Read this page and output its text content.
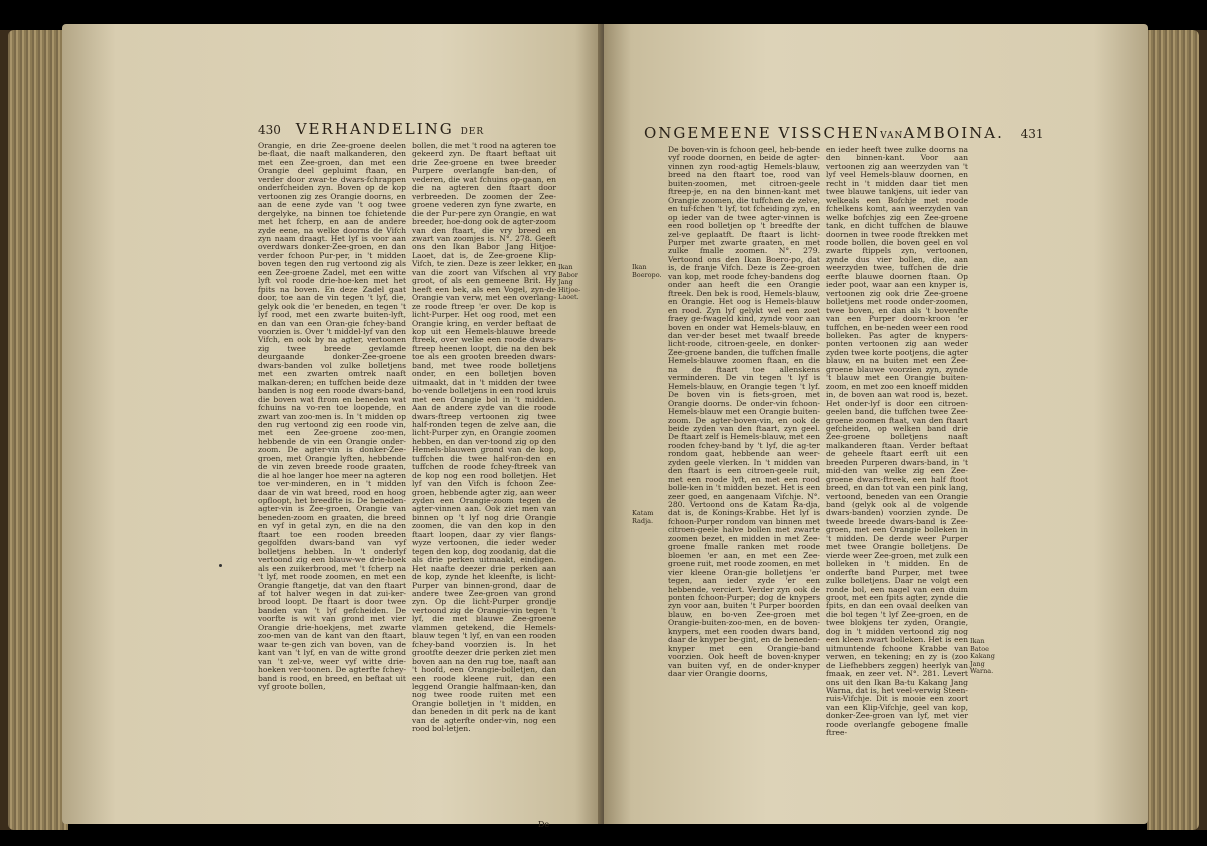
430 VERHANDELING DER

Orangie, en drie Zee-groene deelen be-flaat, die naaft malkanderen, den met een Zee-groen, dan met een Orangie deel gepluimt ftaan, en verder door zwar-te dwars-fchrappen onderfcheiden zyn. Boven op de kop vertoonen zig zes Orangie doorns, en aan de eene zyde van 't oog twee dergelyke, na binnen toe fchietende met het fcherp, en aan de andere zyde eene, na welke doorns de Vifch zyn naam draagt. Het lyf is voor aan overdwars donker-Zee-groen, en dan verder fchoon Pur-per, in 't midden boven tegen den rug vertoond zig als een Zee-groene Zadel, met een witte lyft vol roode drie-hoe-ken met het fpits na boven. En deze Zadel gaat door, toe aan de vin tegen 't lyf, die, gelyk ook die 'er beneden, en tegen 't lyf rood, met een zwarte buiten-lyft, en dan van een Oran-gie fchey-band voorzien is. Over 't middel-lyf van den Vifch, en ook by na agter, vertoonen zig twee breede gevlamde deurgaande donker-Zee-groene dwars-banden vol zulke bolletjens met een zwarten omtrek naaft malkan-deren; en tuffchen beide deze banden is nog een roode dwars-band, die boven wat ftrom en beneden wat fchuins na vo-ren toe loopende, en zwart van zoo-men is. In 't midden op den rug vertoond zig een roode vin, met een Zee-groene zoo-men, hebbende de vin een Orangie onder-zoom. De agter-vin is donker-Zee-groen, met Orangie lyften, hebbende de vin zeven breede roode graaten, die al hoe langer hoe meer na agteren toe ver-minderen, en in 't midden daar de vin wat breed, rood en hoog opfloopt, het breedfte is. De beneden-agter-vin is Zee-groen, Orangie van beneden-zoom en graaten, die breed en vyf in getal zyn, en die na den ftaart toe een rooden breeden gegolfden dwars-band van vyf bolletjens hebben. In 't onderlyf vertoond zig een blauw-we drie-hoek als een zuikerbrood, met 't fcherp na 't lyf, met roode zoomen, en met een Orangie ftangetje, dat van den ftaart af tot halver wegen in dat zui-ker-brood loopt. De ftaart is door twee banden van 't lyf gefcheiden. De voorfte is wit van grond met vier Orangie drie-hoekjens, met zwarte zoo-men van de kant van den ftaart, waar te-gen zich van boven, van de kant van 't lyf, en van de witte grond van 't zel-ve, weer vyf witte drie-hoeken ver-toonen. De agterfte fchey-band is rood, en breed, en beftaat uit vyf groote bollen,

bollen, die met 't rood na agteren toe gekeerd zyn. De ftaart beftaat uit drie Zee-groene en twee breeder Purpere overlangfe ban-den, of vederen, die wat fchuins op-gaan, en die na agteren den ftaart door verbreeden. De zoomen der Zee-groene vederen zyn fyne zwarte, en die der Pur-pere zyn Orangie, en wat breeder, hoe-dong ook de agter-zoom van den ftaart, die vry breed en zwart van zoomjes is. N°. 278. Geeft ons den Ikan Babor Jang Hitjoe-Laoet, dat is, de Zee-groene Klip-Vifch, te zien. Deze is zeer lekker, en van die zoort van Vifschen al vry groot, of als een gemeene Brit. Hy heeft een bek, als een Vogel, zyn-de Orangie van verw, met een overlang-ze roode ftreep 'er over. De kop is licht-Purper. Het oog rood, met een Orangie kring, en verder beftaat de kop uit een Hemels-blauwe breede ftreek, over welke een roode dwars-ftreep heenen loopt, die na den bek toe als een grooten breeden dwars-band, met twee roode bolletjens onder, en een bolletjen boven uitmaakt, dat in 't midden der twee bo-vende bolletjens in een rood kruis met een Orangie bol in 't midden. Aan de andere zyde van die roode dwars-ftreep vertoonen zig twee half-ronden tegen de zelve aan, die licht-Purper zyn, en Orangie zoomen hebben, en dan ver-toond zig op den Hemels-blauwen grond van de kop, tuffchen die twee half-ron-den en tuffchen de roode fchey-ftreek van de kop nog een rood bolletjen. Het lyf van den Vifch is fchoon Zee-groen, hebbende agter zig, aan weer zyden een Orangie-zoom tegen de agter-vinnen aan. Ook ziet men van binnen op 't lyf nog drie Orangie zoomen, die van den kop in den ftaart loopen, daar zy vier flangs-wyze vertoonen, die ieder weder tegen den kop, dog zoodanig, dat die als drie perken uitmaakt, eindigen. Het naafte deezer drie perken aan de kop, zynde het kleenfte, is licht-Purper van binnen-grond, daar de andere twee Zee-groen van grond zyn. Op die licht-Purper grondje vertoond zig de Orangie-vin tegen 't lyf, die met blauwe Zee-groene vlammen getekend, die Hemels-blauw tegen 't lyf, en van een rooden fchey-band voorzien is. In het grootfte deezer drie perken ziet men boven aan na den rug toe, naaft aan 't hoofd, een Orangie-bolletjen, dan een roode kleene ruit, dan een leggend Orangie halfmaan-ken, dan nog twee roode ruiten met een Orangie bolletjen in 't midden, en dan beneden in dit perk na de kant van de agterfte onder-vin, nog een rood bol-letjen.

Ikan Babor Jang Hitjoe-Laoet.
De
ONGEMEENE VISSCHENVANAMBOINA. 431

De boven-vin is fchoon geel, heb-bende vyf roode doornen, en beide de agter-vinnen zyn rood-agtig Hemels-blauw, breed na den ftaart toe, rood van buiten-zoomen, met citroen-geele ftreep-je, en na den binnen-kant met Orangie zoomen, die tuffchen de zelve, en tuf-fchen 't lyf, tot fcheiding zyn, en op ieder van de twee agter-vinnen is een rood bolletjen op 't breedfte der zel-ve geplaatft. De ftaart is licht-Purper met zwarte graaten, en met zulke fmalle zoomen. N°. 279. Vertoond ons den Ikan Boero-po, dat is, de franje Vifch. Deze is Zee-groen van kop, met roode fchey-bandens dog onder aan heeft die een Orangie ftreek. Den bek is rood, Hemels-blauw, en Orangie. Het oog is Hemels-blauw en rood. Zyn lyf gelykt wel een zoet fraey ge-fwageld kind, zynde voor aan boven en onder wat Hemels-blauw, en dan ver-der beset met twaalf breede licht-roode, citroen-geele, en donker-Zee-groene banden, die tuffchen fmalle Hemels-blauwe zoomen ftaan, en die na de ftaart toe allenskens verminderen. De vin tegen 't lyf is Hemels-blauw, en Orangie tegen 't lyf. De boven vin is fiets-groen, met Orangie doorns. De onder-vin fchoon-Hemels-blauw met een Orangie buiten-zoom. De agter-boven-vin, en ook de beide zyden van den ftaart, zyn geel. De ftaart zelf is Hemels-blauw, met een rooden fchey-band by 't lyf, die ag-ter rondom gaat, hebbende aan weer-zyden geele vlerken. In 't midden van den ftaart is een citroen-geele ruit, met een roode lyft, en met een rood bolle-ken in 't midden bezet. Het is een zeer goed, en aangenaam Vifchje. N°. 280. Vertoond ons de Katam Ra-dja, dat is, de Konings-Krabbe. Het lyf is fchoon-Purper rondom van binnen met citroen-geele halve bollen met zwarte zoomen bezet, en midden in met Zee-groene fmalle ranken met roode bloemen 'er aan, en met een Zee-groene ruit, met roode zoomen, en met vier kleene Oran-gie bolletjens 'er tegen, aan ieder zyde 'er een hebbende, verciert. Verder zyn ook de ponten fchoon-Purper; dog de knypers zyn voor aan, buiten 't Purper boorden blauw, en bo-ven Zee-groen met Orangie-buiten-zoo-men, en de boven-knypers, met een rooden dwars band, daar de knyper be-gint, en de beneden-knyper met een Orangie-band voorzien. Ook heeft de boven-knyper van buiten vyf, en de onder-knyper daar vier Orangie doorns,

en ieder heeft twee zulke doorns na den binnen-kant. Voor aan vertoonen zig aan weerzyden van 't lyf veel Hemels-blauw doornen, en recht in 't midden daar tiet men twee blauwe tankjens, uit ieder van welkeals een Bofchje met roode fchelkens komt, aan weerzyden van welke bofchjes zig een Zee-groene tank, en dicht tuffchen de blauwe doornen in twee roode ftrekken met roode bollen, die boven geel en vol zwarte ftippels zyn, vertoonen, zynde dus vier bollen, die, aan weerzyden twee, tuffchen de drie eerfte blauwe doornen ftaan. Op ieder poot, waar aan een knyper is, vertoonen zig ook drie Zee-groene bolletjens met roode onder-zoomen, twee boven, en dan als 't bovenfte van een Purper doorn-kroon 'er tuffchen, en be-neden weer een rood bolleken. Pas agter de knypers-ponten vertoonen zig aan weder zyden twee korte pootjens, die agter blauw, en na buiten met een Zee-groene blauwe voorzien zyn, zynde 't blauw met een Orangie buiten-zoom, en met zoo een knoeff midden in, de boven aan wat rood is, bezet. Het onder-lyf is door een citroen-geelen band, die tuffchen twee Zee-groene zoomen ftaat, van den ftaart gefcheiden, op welken band drie Zee-groene bolletjens naaft malkanderen ftaan. Verder beftaat de geheele ftaart eerft uit een breeden Purperen dwars-band, in 't mid-den van welke zig een Zee-groene dwars-ftreek, een half ftoot breed, en dan tot van een pink lang, vertoond, beneden van een Orangie band (gelyk ook al de volgende dwars-banden) voorzien zynde. De tweede breede dwars-band is Zee-groen, met een Orangie bolleken in 't midden. De derde weer Purper met twee Orangie bolletjens. De vierde weer Zee-groen, met zulk een bolleken in 't midden. En de onderfte band Purper, met twee zulke bolletjens. Daar ne volgt een ronde bol, een nagel van een duim groot, met een fpits agter, zynde die fpits, en dan een ovaal deelken van die bol tegen 't lyf Zee-groen, en de twee blokjens ter zyden, Orangie, dog in 't midden vertoond zig nog een kleen zwart bolleken. Het is een uitmuntende fchoone Krabbe van verwen, en tekening; en zy is (zoo de Liefhebbers zeggen) heerlyk van fmaak, en zeer vet. N°. 281. Levert ons uit den Ikan Ba-tu Kakang Jang Warna, dat is, het veel-verwig Steen-ruis-Vifchje. Dit is mooie een zoort van een Klip-Vifchje, geel van kop, donker-Zee-groen van lyf, met vier roode overlangfe gebogene fmalle ftree-

Ikan Boeropo.
Katam Radja.
Ikan Batoe Kakang Jang Warna.
